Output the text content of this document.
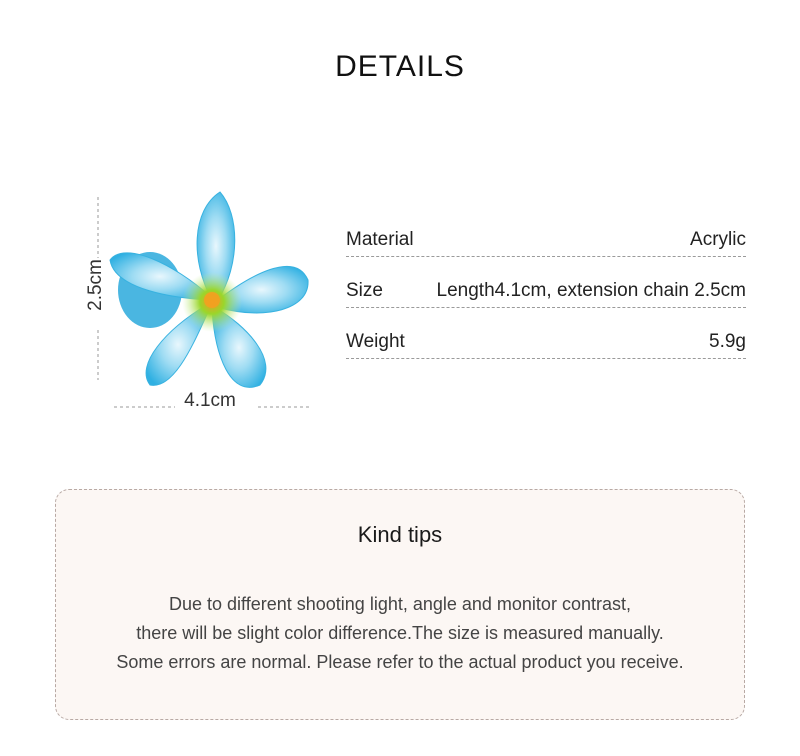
DETAILS
2.5cm
4.1cm
Material	Acrylic
Size	Length4.1cm, extension chain 2.5cm
Weight	5.9g
Kind tips
Due to different shooting light, angle and monitor contrast,
there will be slight color difference.The size is measured manually.
Some errors are normal. Please refer to the actual product you receive.
